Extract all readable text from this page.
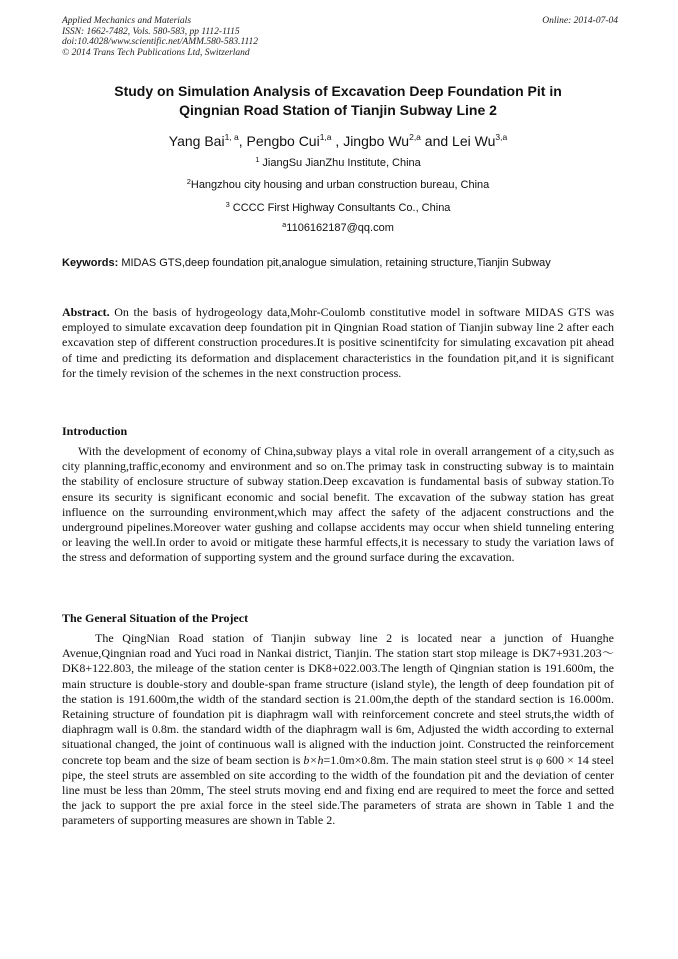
Applied Mechanics and Materials
ISSN: 1662-7482, Vols. 580-583, pp 1112-1115
doi:10.4028/www.scientific.net/AMM.580-583.1112
© 2014 Trans Tech Publications Ltd, Switzerland
Online: 2014-07-04
Study on Simulation Analysis of Excavation Deep Foundation Pit in
Qingnian Road Station of Tianjin Subway Line 2
Yang Bai$^{1, a}$, Pengbo Cui$^{1,a}$ , Jingbo Wu$^{2,a}$ and Lei Wu$^{3,a}$
$^1$ JiangSu JianZhu Institute, China
$^2$Hangzhou city housing and urban construction bureau, China
$^3$ CCCC First Highway Consultants Co., China
$^a$1106162187@qq.com
Keywords: MIDAS GTS,deep foundation pit,analogue simulation, retaining structure,Tianjin Subway
Abstract. On the basis of hydrogeology data,Mohr-Coulomb constitutive model in software MIDAS GTS was employed to simulate excavation deep foundation pit in Qingnian Road station of Tianjin subway line 2 after each excavation step of different construction procedures.It is positive scinentifcity for simulating excavation pit ahead of time and predicting its deformation and displacement characteristics in the foundation pit,and it is significant for the timely revision of the schemes in the next construction process.
Introduction
With the development of economy of China,subway plays a vital role in overall arrangement of a city,such as city planning,traffic,economy and environment and so on.The primay task in constructing subway is to maintain the stability of enclosure structure of subway station.Deep excavation is fundamental basis of subway station.To ensure its security is significant economic and social benefit. The excavation of the subway station has great influence on the surrounding environment,which may affect the safety of the adjacent constructions and the underground pipelines.Moreover water gushing and collapse accidents may occur when shield tunneling entering or leaving the well.In order to avoid or mitigate these harmful effects,it is necessary to study the variation laws of the stress and deformation of supporting system and the ground surface during the excavation.
The General Situation of the Project
The QingNian Road station of Tianjin subway line 2 is located near a junction of Huanghe Avenue,Qingnian road and Yuci road in Nankai district, Tianjin. The station start stop mileage is DK7+931.203～DK8+122.803, the mileage of the station center is DK8+022.003.The length of Qingnian station is 191.600m, the main structure is double-story and double-span frame structure (island style), the length of deep foundation pit of the station is 191.600m,the width of the standard section is 21.00m,the depth of the standard section is 16.000m. Retaining structure of foundation pit is diaphragm wall with reinforcement concrete and steel struts,the width of diaphragm wall is 0.8m. the standard width of the diaphragm wall is 6m, Adjusted the width according to external situational changed, the joint of continuous wall is aligned with the induction joint. Constructed the reinforcement concrete top beam and the size of beam section is b×h=1.0m×0.8m. The main station steel strut is φ 600 × 14 steel pipe, the steel struts are assembled on site according to the width of the foundation pit and the deviation of center line must be less than 20mm, The steel struts moving end and fixing end are required to meet the force and setted the jack to support the pre axial force in the steel side.The parameters of strata are shown in Table 1 and the parameters of supporting measures are shown in Table 2.
